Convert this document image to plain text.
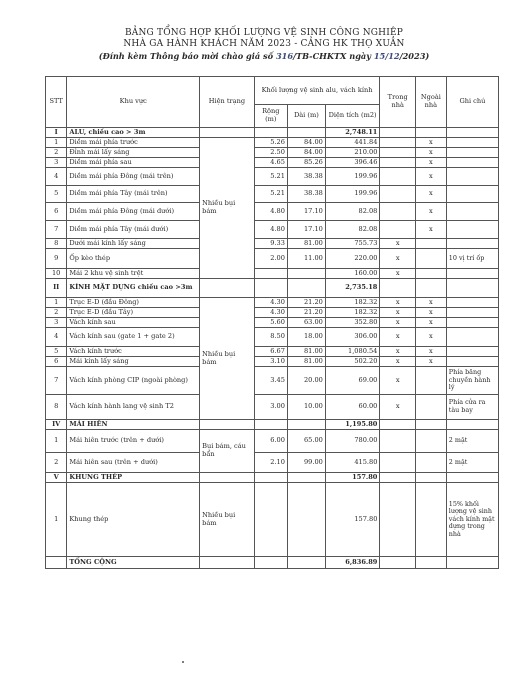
BẢNG TỔNG HỢP KHỐI LƯỢNG VỆ SINH CÔNG NGHIỆP
NHÀ GA HÀNH KHÁCH NĂM 2023 - CẢNG HK THỌ XUÂN
(Đính kèm Thông báo mời chào giá số 316/TB-CHKTX ngày 15/12/2023)
STT	Khu vực	Hiện trạng	Khối lượng vệ sinh alu, vách kính			Trong nhà	Ngoài nhà	Ghi chú
			Rộng (m)	Dài (m)	Diện tích (m2)			
I	ALU, chiều cao > 3m				2,748.11			
1	Diềm mái phía trước	Nhiều bụi bám	5.26	84.00	441.84		x	
2	Đỉnh mái lấy sáng		2.50	84.00	210.00		x	
3	Diềm mái phía sau		4.65	85.26	396.46		x	
4	Diềm mái phía Đông (mái trên)		5.21	38.38	199.96		x	
5	Diềm mái phía Tây (mái trên)		5.21	38.38	199.96		x	
6	Diềm mái phía Đông (mái dưới)		4.80	17.10	82.08		x	
7	Diềm mái phía Tây (mái dưới)		4.80	17.10	82.08		x	
8	Dưới mái kính lấy sáng		9.33	81.00	755.73	x		
9	Ốp kèo thép		2.00	11.00	220.00	x		10 vị trí ốp
10	Mái 2 khu vệ sinh trệt				160.00	x		
II	KÍNH MẶT DỰNG chiều cao >3m				2,735.18			
1	Trục E-D (đầu Đông)	Nhiều bụi bám	4.30	21.20	182.32	x	x	
2	Trục E-D (đầu Tây)		4.30	21.20	182.32	x	x	
3	Vách kính sau		5.60	63.00	352.80	x	x	
4	Vách kính sau (gate 1 + gate 2)		8.50	18.00	306.00	x	x	
5	Vách kính trước		6.67	81.00	1,080.54	x	x	
6	Mái kính lấy sáng		3.10	81.00	502.20	x	x	
7	Vách kính phòng CIP (ngoài phòng)		3.45	20.00	69.00	x		Phía băng chuyền hành lý
8	Vách kính hành lang vệ sinh T2		3.00	10.00	60.00	x		Phía cửa ra tàu bay
IV	MÁI HIÊN				1,195.80			
1	Mái hiên trước (trên + dưới)	Bụi bám, cáu bẩn	6.00	65.00	780.00			2 mặt
2	Mái hiên sau (trên + dưới)		2.10	99.00	415.80			2 mặt
V	KHUNG THÉP				157.80			
1	Khung thép	Nhiều bụi bám			157.80			15% khối lượng vệ sinh vách kính mặt dựng trong nhà
	TỔNG CỘNG				6,836.89			
